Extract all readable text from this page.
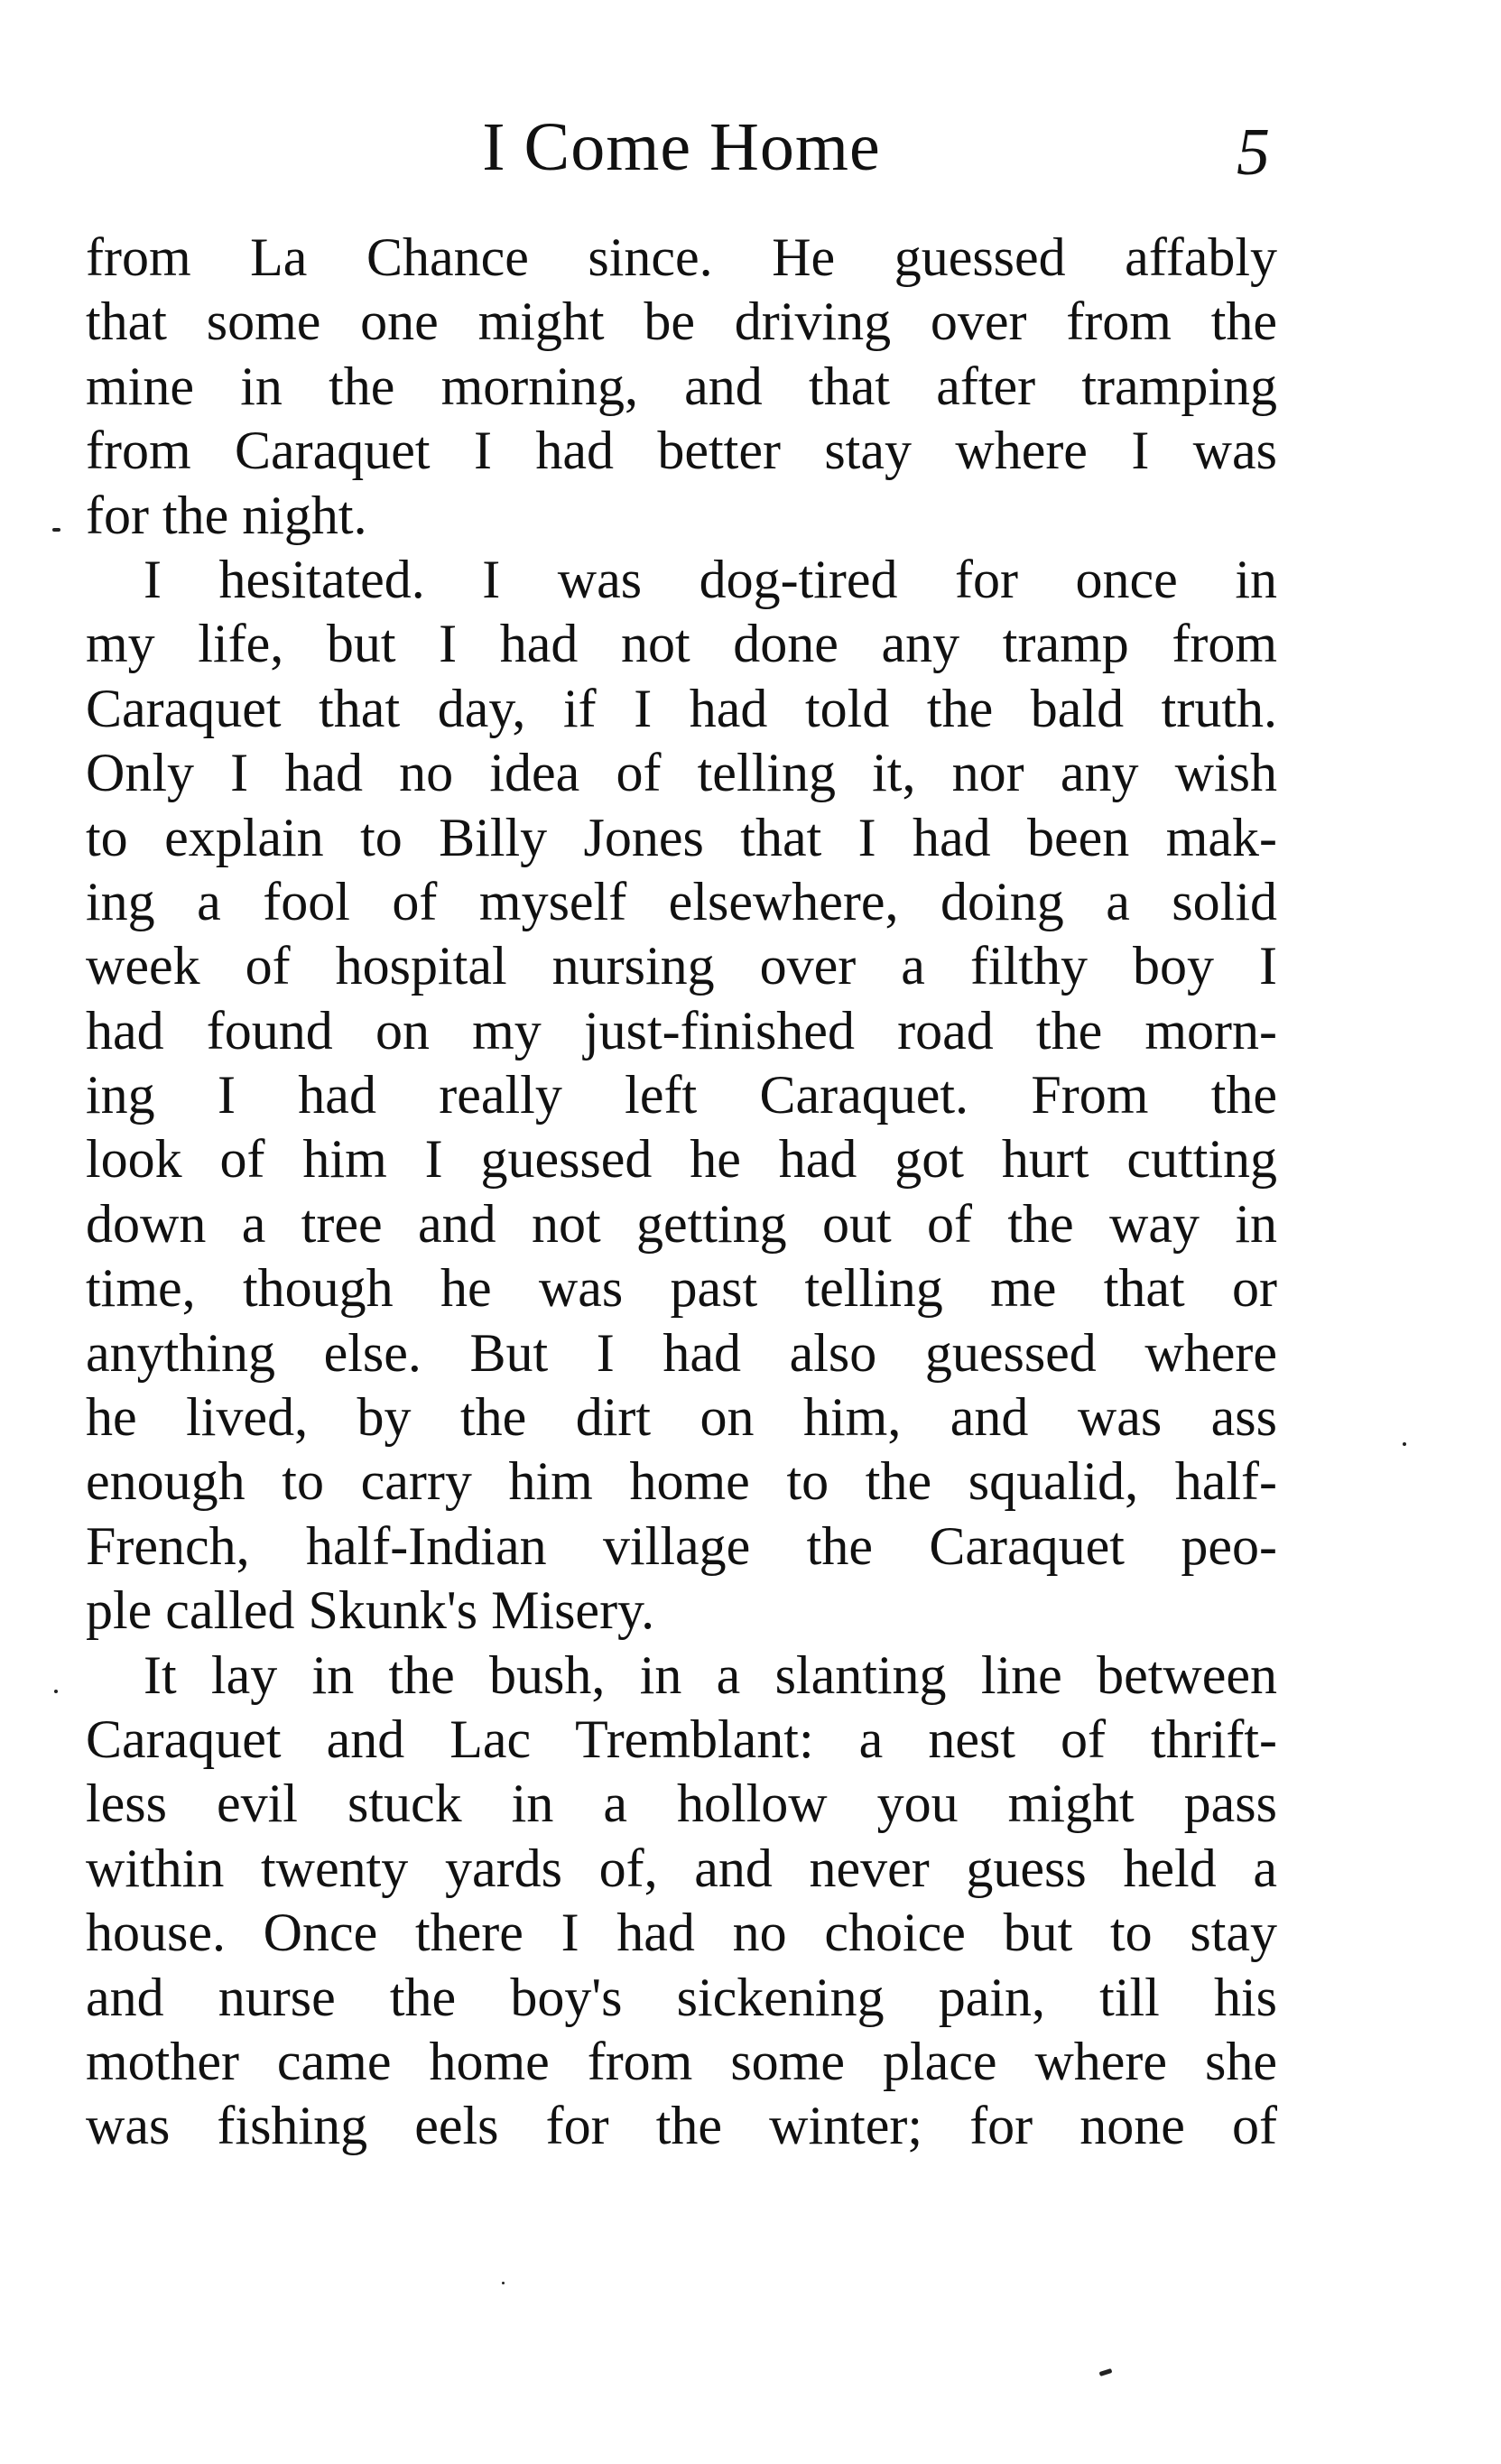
I Come Home	5
from La Chance since. He guessed affably
that some one might be driving over from the
mine in the morning, and that after tramping
from Caraquet I had better stay where I was
for the night.
I hesitated. I was dog-tired for once in
my life, but I had not done any tramp from
Caraquet that day, if I had told the bald truth.
Only I had no idea of telling it, nor any wish
to explain to Billy Jones that I had been mak-
ing a fool of myself elsewhere, doing a solid
week of hospital nursing over a filthy boy I
had found on my just-finished road the morn-
ing I had really left Caraquet. From the
look of him I guessed he had got hurt cutting
down a tree and not getting out of the way in
time, though he was past telling me that or
anything else. But I had also guessed where
he lived, by the dirt on him, and was ass
enough to carry him home to the squalid, half-
French, half-Indian village the Caraquet peo-
ple called Skunk's Misery.
It lay in the bush, in a slanting line between
Caraquet and Lac Tremblant: a nest of thrift-
less evil stuck in a hollow you might pass
within twenty yards of, and never guess held a
house. Once there I had no choice but to stay
and nurse the boy's sickening pain, till his
mother came home from some place where she
was fishing eels for the winter; for none of
